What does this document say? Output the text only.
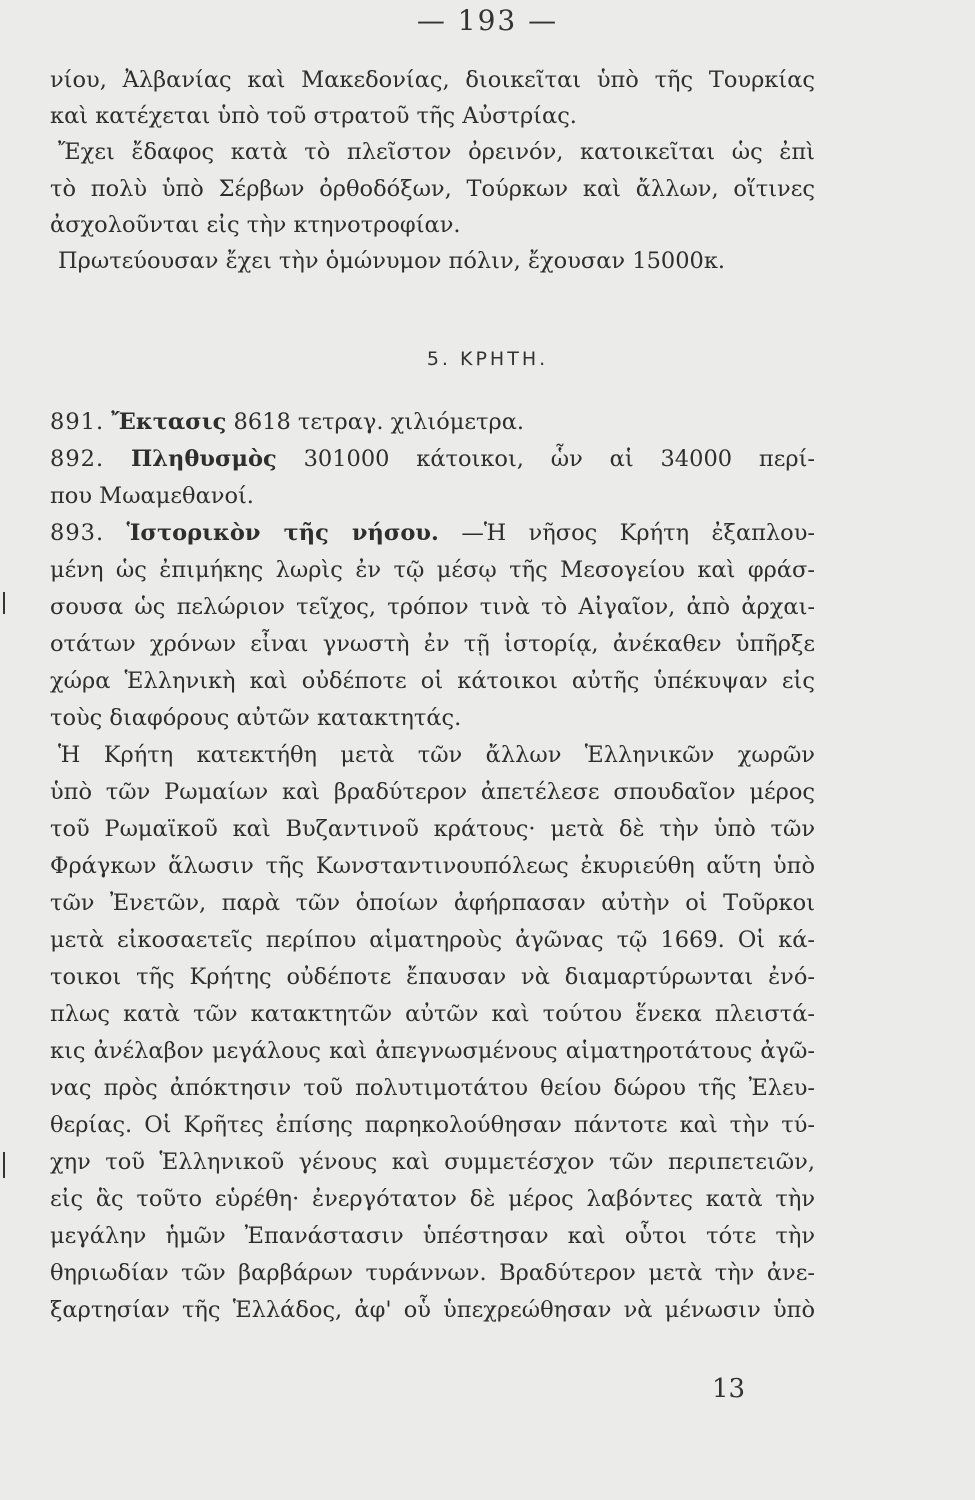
— 193 —
νίου, Ἀλβανίας καὶ Μακεδονίας, διοικεῖται ὑπὸ τῆς Τουρκίας
καὶ κατέχεται ὑπὸ τοῦ στρατοῦ τῆς Αὐστρίας.
Ἔχει ἔδαφος κατὰ τὸ πλεῖστον ὀρεινόν, κατοικεῖται ὡς ἐπὶ
τὸ πολὺ ὑπὸ Σέρβων ὀρθοδόξων, Τούρκων καὶ ἄλλων, οἵτινες
ἀσχολοῦνται εἰς τὴν κτηνοτροφίαν.
Πρωτεύουσαν ἔχει τὴν ὁμώνυμον πόλιν, ἔχουσαν 15000κ.
5. ΚΡΗΤΗ.
891. Ἔκτασις 8618 τετραγ. χιλιόμετρα.
892. Πληθυσμὸς 301000 κάτοικοι, ὧν αἱ 34000 περί-
που Μωαμεθανοί.
893. Ἱστορικὸν τῆς νήσου. —Ἡ νῆσος Κρήτη ἐξαπλου-
μένη ὡς ἐπιμήκης λωρὶς ἐν τῷ μέσῳ τῆς Μεσογείου καὶ φράσ-
σουσα ὡς πελώριον τεῖχος, τρόπον τινὰ τὸ Αἰγαῖον, ἀπὸ ἀρχαι-
οτάτων χρόνων εἶναι γνωστὴ ἐν τῇ ἱστορίᾳ, ἀνέκαθεν ὑπῆρξε
χώρα Ἑλληνικὴ καὶ οὐδέποτε οἱ κάτοικοι αὐτῆς ὑπέκυψαν εἰς
τοὺς διαφόρους αὐτῶν κατακτητάς.
Ἡ Κρήτη κατεκτήθη μετὰ τῶν ἄλλων Ἑλληνικῶν χωρῶν
ὑπὸ τῶν Ρωμαίων καὶ βραδύτερον ἀπετέλεσε σπουδαῖον μέρος
τοῦ Ρωμαϊκοῦ καὶ Βυζαντινοῦ κράτους· μετὰ δὲ τὴν ὑπὸ τῶν
Φράγκων ἅλωσιν τῆς Κωνσταντινουπόλεως ἐκυριεύθη αὕτη ὑπὸ
τῶν Ἐνετῶν, παρὰ τῶν ὁποίων ἀφήρπασαν αὐτὴν οἱ Τοῦρκοι
μετὰ εἰκοσαετεῖς περίπου αἱματηροὺς ἀγῶνας τῷ 1669. Οἱ κά-
τοικοι τῆς Κρήτης οὐδέποτε ἔπαυσαν νὰ διαμαρτύρωνται ἐνό-
πλως κατὰ τῶν κατακτητῶν αὐτῶν καὶ τούτου ἕνεκα πλειστά-
κις ἀνέλαβον μεγάλους καὶ ἀπεγνωσμένους αἱματηροτάτους ἀγῶ-
νας πρὸς ἀπόκτησιν τοῦ πολυτιμοτάτου θείου δώρου τῆς Ἐλευ-
θερίας. Οἱ Κρῆτες ἐπίσης παρηκολούθησαν πάντοτε καὶ τὴν τύ-
χην τοῦ Ἑλληνικοῦ γένους καὶ συμμετέσχον τῶν περιπετειῶν,
εἰς ἃς τοῦτο εὑρέθη· ἐνεργότατον δὲ μέρος λαβόντες κατὰ τὴν
μεγάλην ἡμῶν Ἐπανάστασιν ὑπέστησαν καὶ οὗτοι τότε τὴν
θηριωδίαν τῶν βαρβάρων τυράννων. Βραδύτερον μετὰ τὴν ἀνε-
ξαρτησίαν τῆς Ἑλλάδος, ἀφ' οὗ ὑπεχρεώθησαν νὰ μένωσιν ὑπὸ
13
